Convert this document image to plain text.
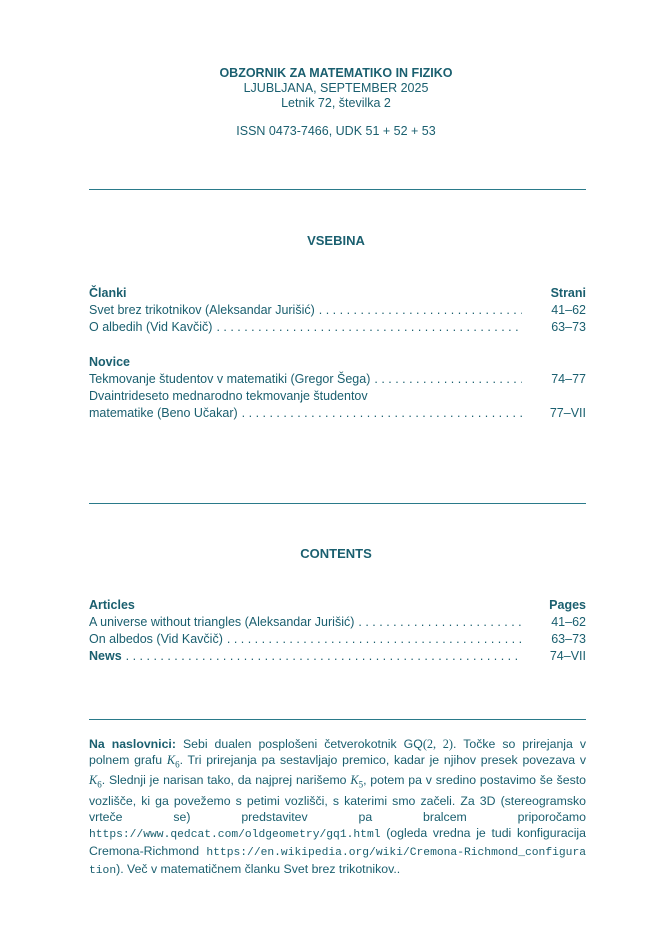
OBZORNIK ZA MATEMATIKO IN FIZIKO
LJUBLJANA, SEPTEMBER 2025
Letnik 72, številka 2
ISSN 0473-7466, UDK 51 + 52 + 53
VSEBINA
Članki	Strani
Svet brez trikotnikov (Aleksandar Jurišić) . . .	41–62
O albedih (Vid Kavčič) . . .	63–73
Novice
Tekmovanje študentov v matematiki (Gregor Šega) . . .	74–77
Dvaintrideseto mednarodno tekmovanje študentov
matematike (Beno Učakar) . . .	77–VII
CONTENTS
Articles	Pages
A universe without triangles (Aleksandar Jurišić) . . .	41–62
On albedos (Vid Kavčič) . . .	63–73
News . . .	74–VII
Na naslovnici: Sebi dualen posplošeni četverokotnik GQ(2, 2). Točke so prirejanja v polnem grafu $K_6$. Tri prirejanja pa sestavljajo premico, kadar je njihov presek povezava v $K_6$. Slednji je narisan tako, da najprej narišemo $K_5$, potem pa v sredino postavimo še šesto vozlišče, ki ga povežemo s petimi vozlišči, s katerimi smo začeli. Za 3D (stereogramsko vrteče se) predstavitev pa bralcem priporočamo https://www.qedcat.com/oldgeometry/gq1.html (ogleda vredna je tudi konfiguracija Cremona-Richmond https://en.wikipedia.org/wiki/Cremona-Richmond_configuration). Več v matematičnem članku Svet brez trikotnikov..
